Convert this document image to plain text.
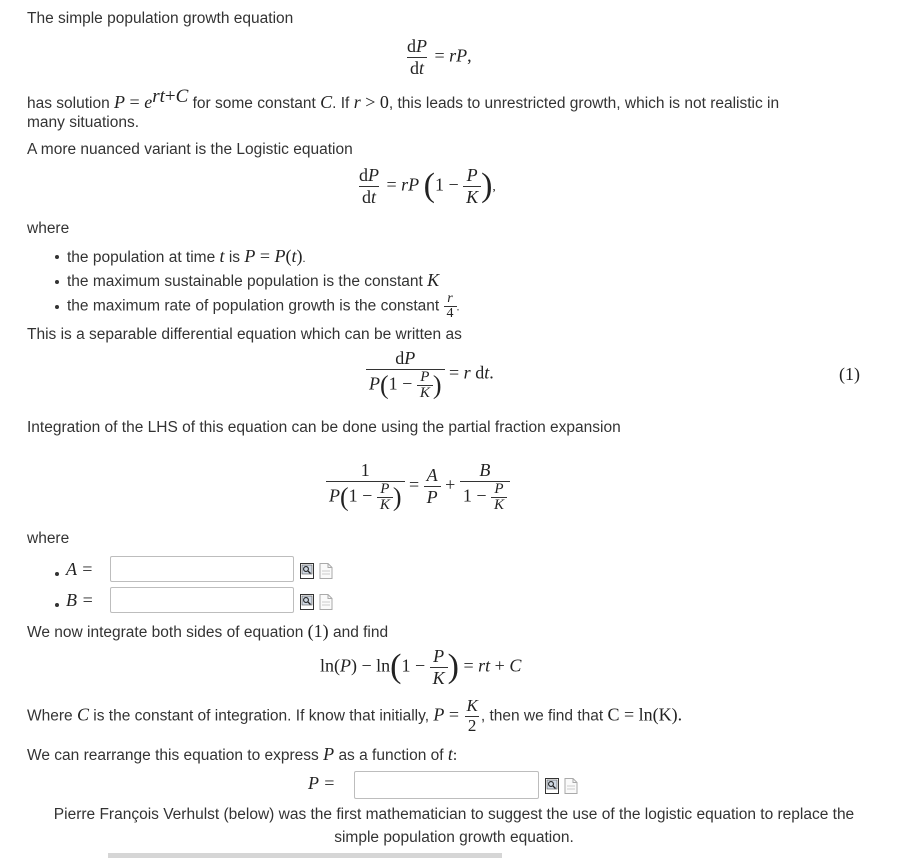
The simple population growth equation
$\frac{dP}{dt}$ = rP,
has solution $P = e^{rt+C}$ for some constant C. If r > 0, this leads to unrestricted growth, which is not realistic in
many situations.
A more nuanced variant is the Logistic equation
$\frac{dP}{dt}$ = rP ($1 - \frac{P}{K}$ ),
where
the population at time t is P = P(t).
the maximum sustainable population is the constant K
the maximum rate of population growth is the constant $\frac{r}{4}$ .
This is a separable differential equation which can be written as
$\frac{dP}{P(1 - \frac{P}{K} )} = r$ dt.	(1)
Integration of the LHS of this equation can be done using the partial fraction expansion
$\frac{1}{P(1 - \frac{P}{K} )} = \frac{A}{P} + \frac{B}{1 - \frac{P}{K}}$
where
A =
B =
We now integrate both sides of equation (1) and find
$\ln(P) - \ln(1 - \frac{P}{K}$ ) = rt + C
Where C is the constant of integration. If know that initially, $P = \frac{K}{2}$ , then we find that C = ln(K).
We can rearrange this equation to express P as a function of t:
P =
Pierre François Verhulst (below) was the first mathematician to suggest the use of the logistic equation to replace the
simple population growth equation.
